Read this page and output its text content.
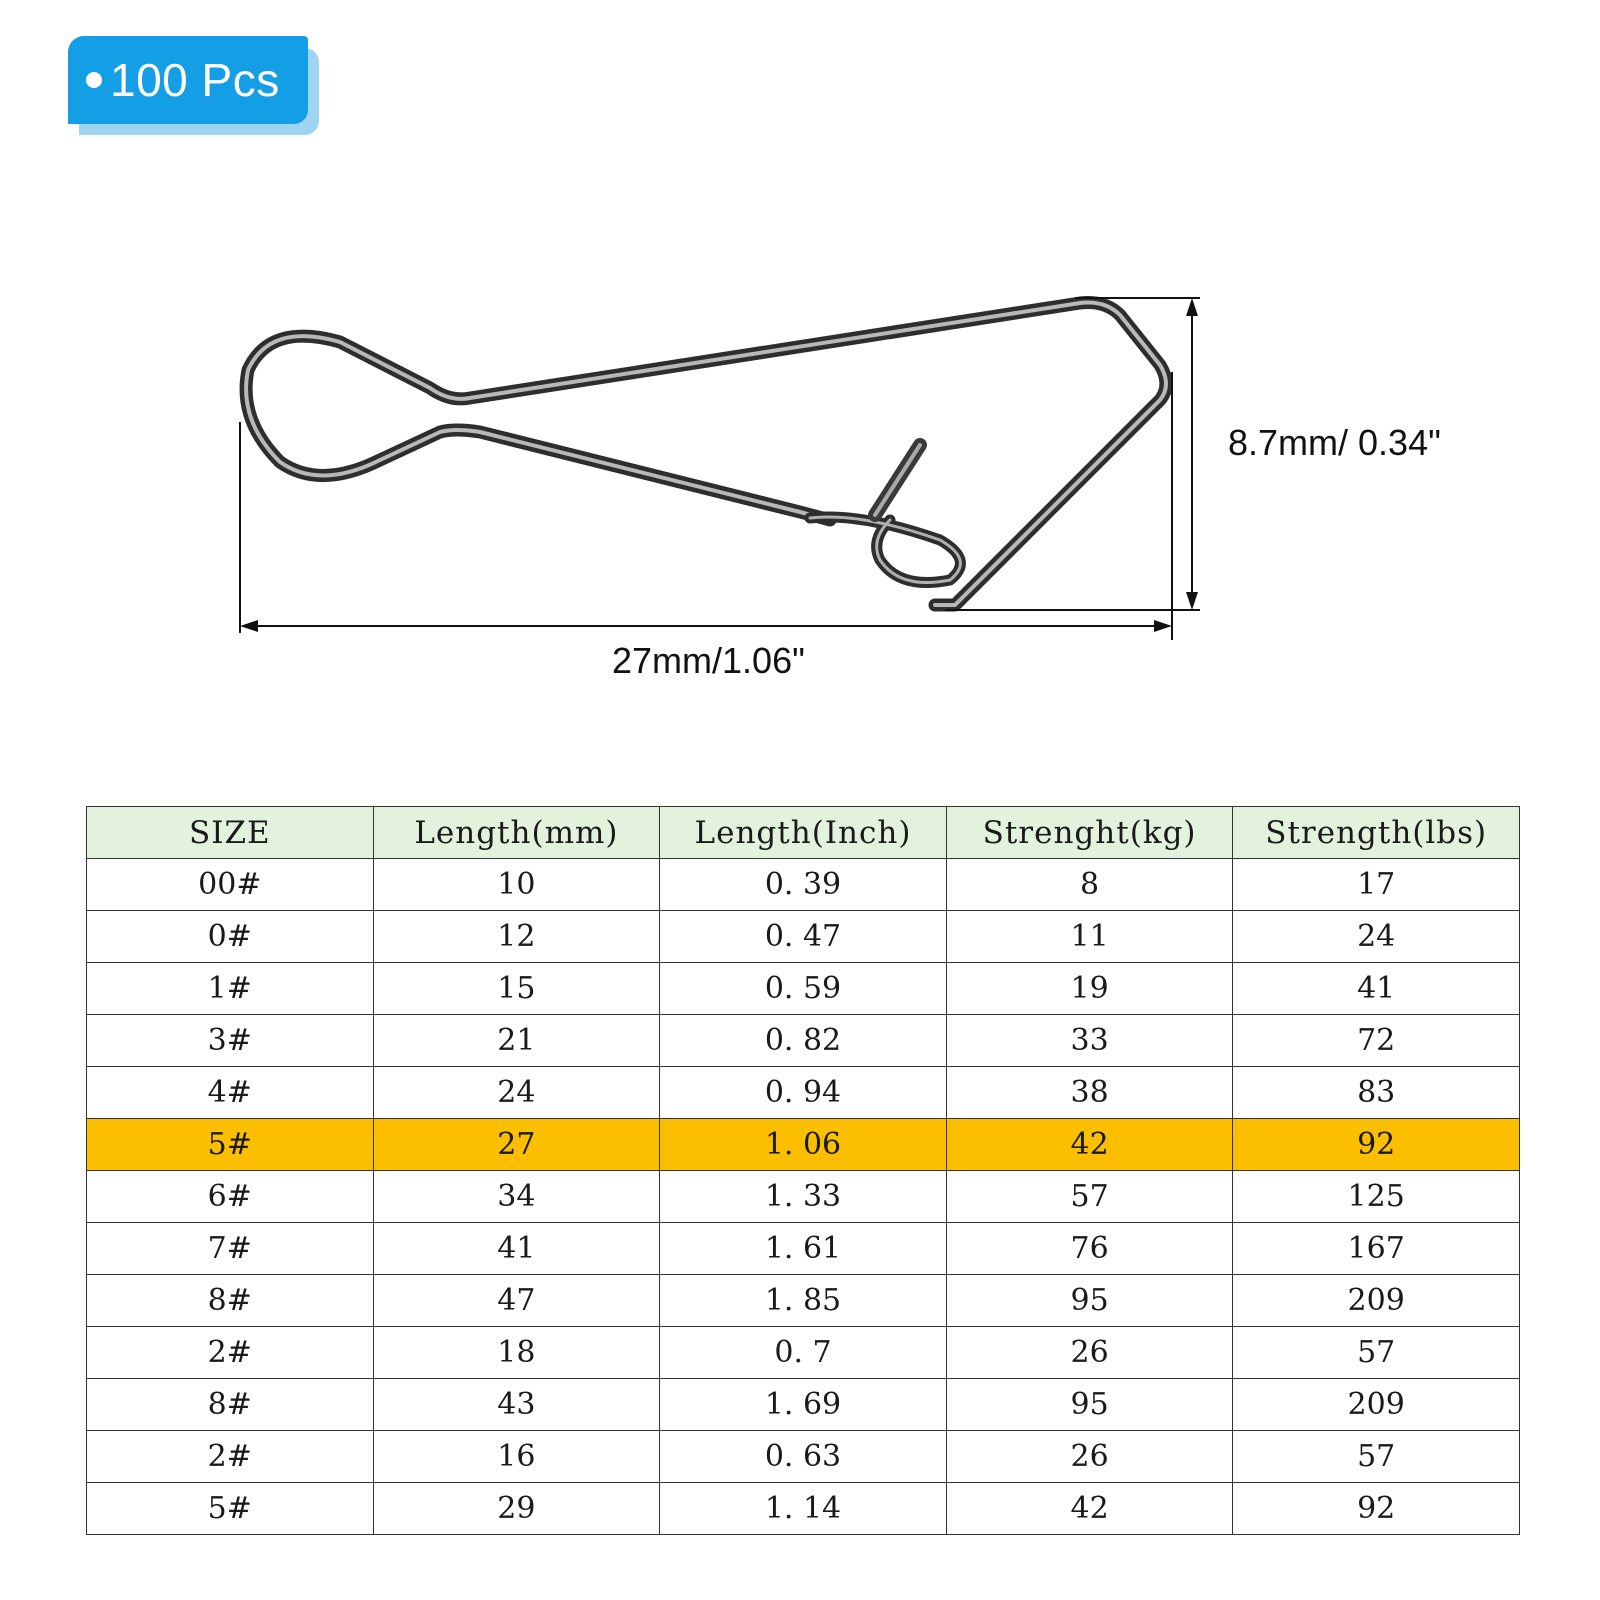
100 Pcs
27mm/1.06"
8.7mm/ 0.34"
SIZE	Length(mm)	Length(Inch)	Strenght(kg)	Strength(lbs)
00#	10	0. 39	8	17
0#	12	0. 47	11	24
1#	15	0. 59	19	41
3#	21	0. 82	33	72
4#	24	0. 94	38	83
5#	27	1. 06	42	92
6#	34	1. 33	57	125
7#	41	1. 61	76	167
8#	47	1. 85	95	209
2#	18	0. 7	26	57
8#	43	1. 69	95	209
2#	16	0. 63	26	57
5#	29	1. 14	42	92
